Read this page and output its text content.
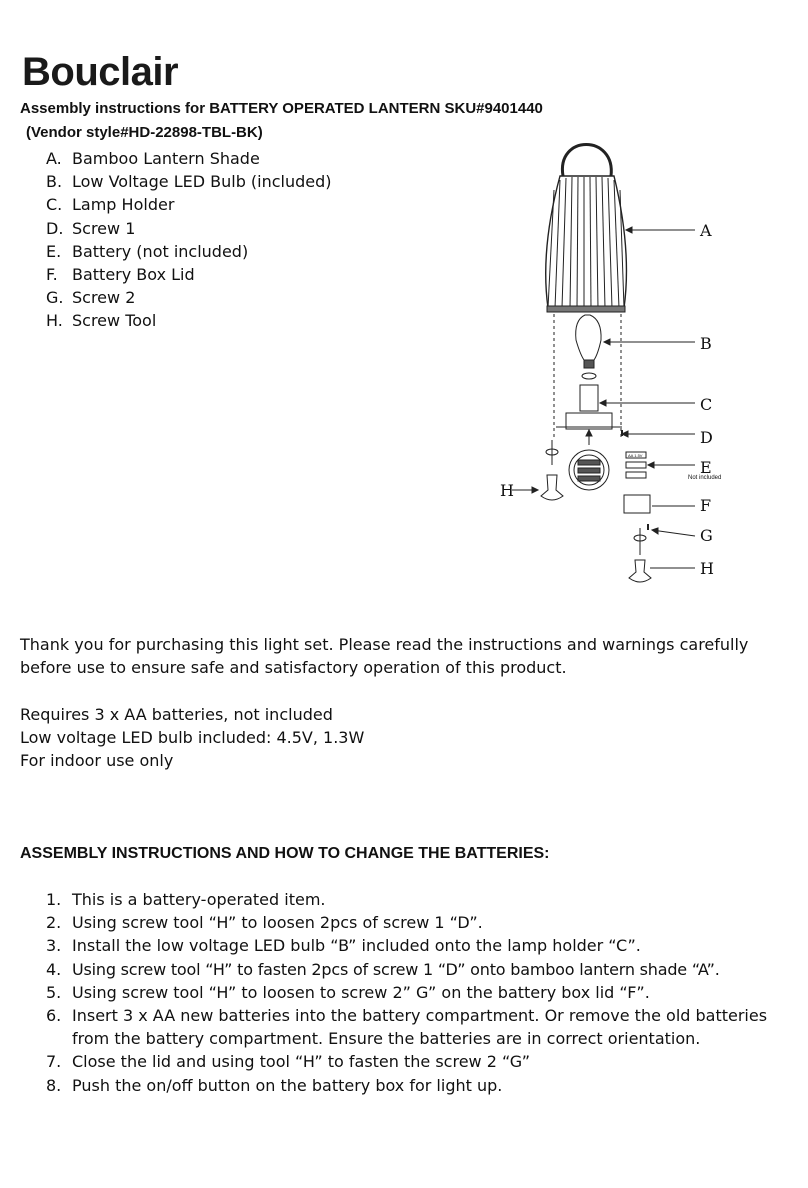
Bouclair
Assembly instructions for BATTERY OPERATED LANTERN SKU#9401440
(Vendor style#HD-22898-TBL-BK)
A. Bamboo Lantern Shade
B. Low Voltage LED Bulb (included)
C. Lamp Holder
D. Screw 1
E. Battery (not included)
F. Battery Box Lid
G. Screw 2
H. Screw Tool
A
B
C
D
AA 1.5V
E
Not included
H
F
G
H
Thank you for purchasing this light set. Please read the instructions and warnings carefully before use to ensure safe and satisfactory operation of this product.
Requires 3 x AA batteries, not included
Low voltage LED bulb included: 4.5V, 1.3W
For indoor use only
ASSEMBLY INSTRUCTIONS AND HOW TO CHANGE THE BATTERIES:
1. This is a battery-operated item.
2. Using screw tool “H” to loosen 2pcs of screw 1 “D”.
3. Install the low voltage LED bulb “B” included onto the lamp holder “C”.
4. Using screw tool “H” to fasten 2pcs of screw 1 “D” onto bamboo lantern shade “A”.
5. Using screw tool “H” to loosen to screw 2” G” on the battery box lid “F”.
6. Insert 3 x AA new batteries into the battery compartment. Or remove the old batteries from the battery compartment. Ensure the batteries are in correct orientation.
7. Close the lid and using tool “H” to fasten the screw 2 “G”
8. Push the on/off button on the battery box for light up.
